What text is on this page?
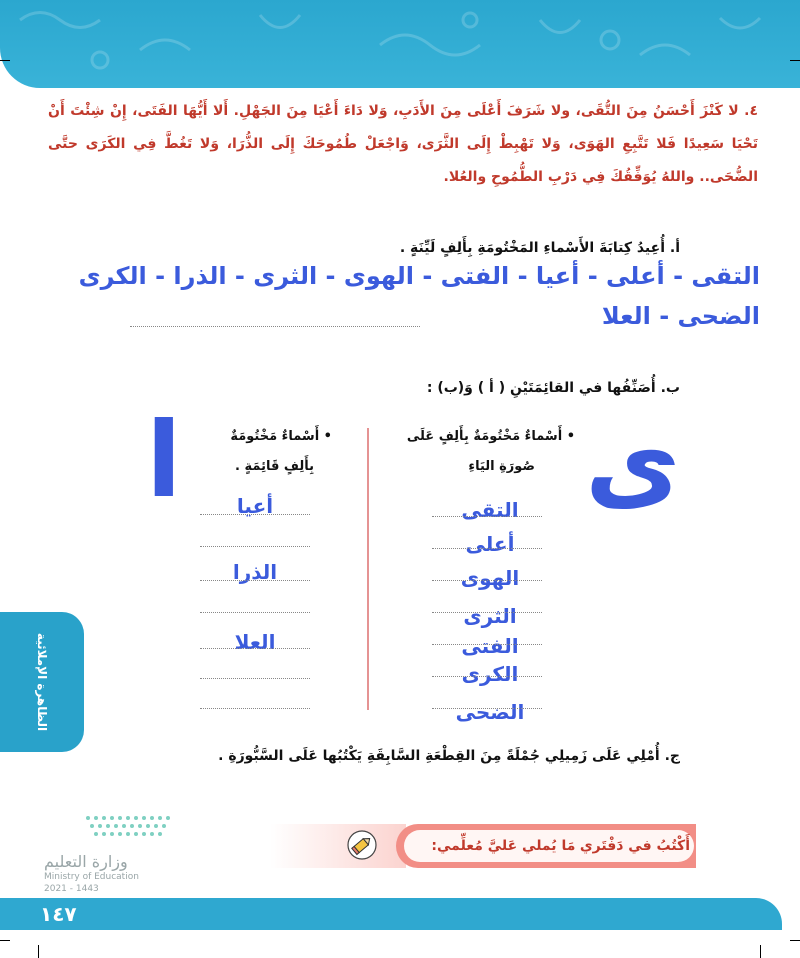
٤. لا كَنْزَ أَحْسَنُ مِنَ التُّقَى، ولا شَرَفَ أَعْلَى مِنَ الأَدَبِ، وَلا دَاءَ أَعْيَا مِنَ الجَهْلِ. أَلا أَيُّهَا الفَتَى، إِنْ شِئْتَ أَنْ تَحْيَا سَعِيدًا فَلا تَتَّبِعِ الهَوَى، وَلا تَهْبِطْ إِلَى الثَّرَى، وَاجْعَلْ طُمُوحَكَ إِلَى الذُّرَا، وَلا تَغُطَّ فِي الكَرَى حتَّى الضُّحَى.. واللهُ يُوَفِّقُكَ فِي دَرْبِ الطُّمُوحِ والعُلا.
أ. أُعِيدُ كِتابَةَ الأَسْماءِ المَخْتُومَةِ بِأَلِفٍ لَيِّنَةٍ .
التقى - أعلى - أعيا - الفتى - الهوى - الثرى - الذرا - الكرى
الضحى - العلا
ب. أُصَنِّفُها في القائِمَتَيْنِ ( أ ) وَ(ب) :
• أَسْماءٌ مَخْتُومَةٌ بِأَلِفٍ عَلَى
صُورَةِ اليَاءِ ى
التقى
أعلى
الهوى
الثرى
الفتى
الكرى
الضحى
• أَسْماءٌ مَخْتُومَةٌ
بِأَلِفٍ قَائِمَةٍ .
ا	أعيا
الذرا
العلا
ج. أُمْلِي عَلَى زَمِيلِي جُمْلَةً مِنَ القِطْعَةِ السَّابِقَةِ يَكْتُبُها عَلَى السَّبُّورَةِ .
الظاهرة الإملائية
أَكْتُبُ في دَفْتَري مَا يُملي عَليَّ مُعلِّمي:
وزارة التعليم
Ministry of Education
2021 - 1443
١٤٧
